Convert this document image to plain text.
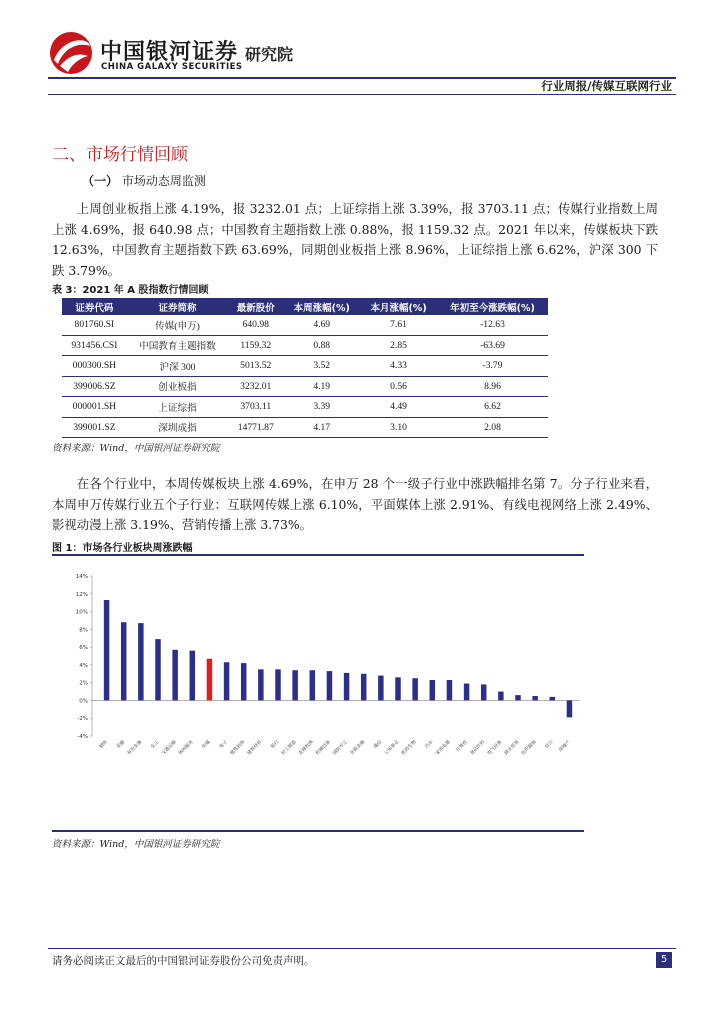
中国银河证券
CHINA GALAXY SECURITIES
研究院
行业周报/传媒互联网行业
二、市场行情回顾
（一） 市场动态周监测
上周创业板指上涨 4.19%，报 3232.01 点；上证综指上涨 3.39%，报 3703.11 点；传媒行业指数上周上涨 4.69%，报 640.98 点；中国教育主题指数上涨 0.88%，报 1159.32 点。2021 年以来，传媒板块下跌 12.63%，中国教育主题指数下跌 63.69%，同期创业板指上涨 8.96%，上证综指上涨 6.62%，沪深 300 下跌 3.79%。
表 3：2021 年 A 股指数行情回顾
证券代码	证券简称	最新股价	本周涨幅(%)	本月涨幅(%)	年初至今涨跌幅(%)
801760.SI	传媒(申万)	640.98	4.69	7.61	-12.63
931456.CSI	中国教育主题指数	1159.32	0.88	2.85	-63.69
000300.SH	沪深 300	5013.52	3.52	4.33	-3.79
399006.SZ	创业板指	3232.01	4.19	0.56	8.96
000001.SH	上证综指	3703.11	3.39	4.49	6.62
399001.SZ	深圳成指	14771.87	4.17	3.10	2.08
资料来源：Wind，中国银河证券研究院
在各个行业中，本周传媒板块上涨 4.69%，在申万 28 个一级子行业中涨跌幅排名第 7。分子行业来看，本周申万传媒行业五个子行业：互联网传媒上涨 6.10%，平面媒体上涨 2.91%、有线电视网络上涨 2.49%、影视动漫上涨 3.19%、营销传播上涨 3.73%。
图 1：市场各行业板块周涨跌幅
14%
12%
10%
8%
6%
4%
2%
0%
-2%
-4%
钢铁	采掘 有色金属	化工 交通运输 休闲服务	传媒	电子 建筑装饰 建筑材料	银行 轻工制造 农林牧渔 机械设备 国防军工 非银金融	通信 公用事业 医药生物	汽车 家用电器 计算机 食品饮料 电气设备 商业贸易 纺织服装	综合 房地产
资料来源：Wind，中国银河证券研究院
请务必阅读正文最后的中国银河证券股份公司免责声明。	5
